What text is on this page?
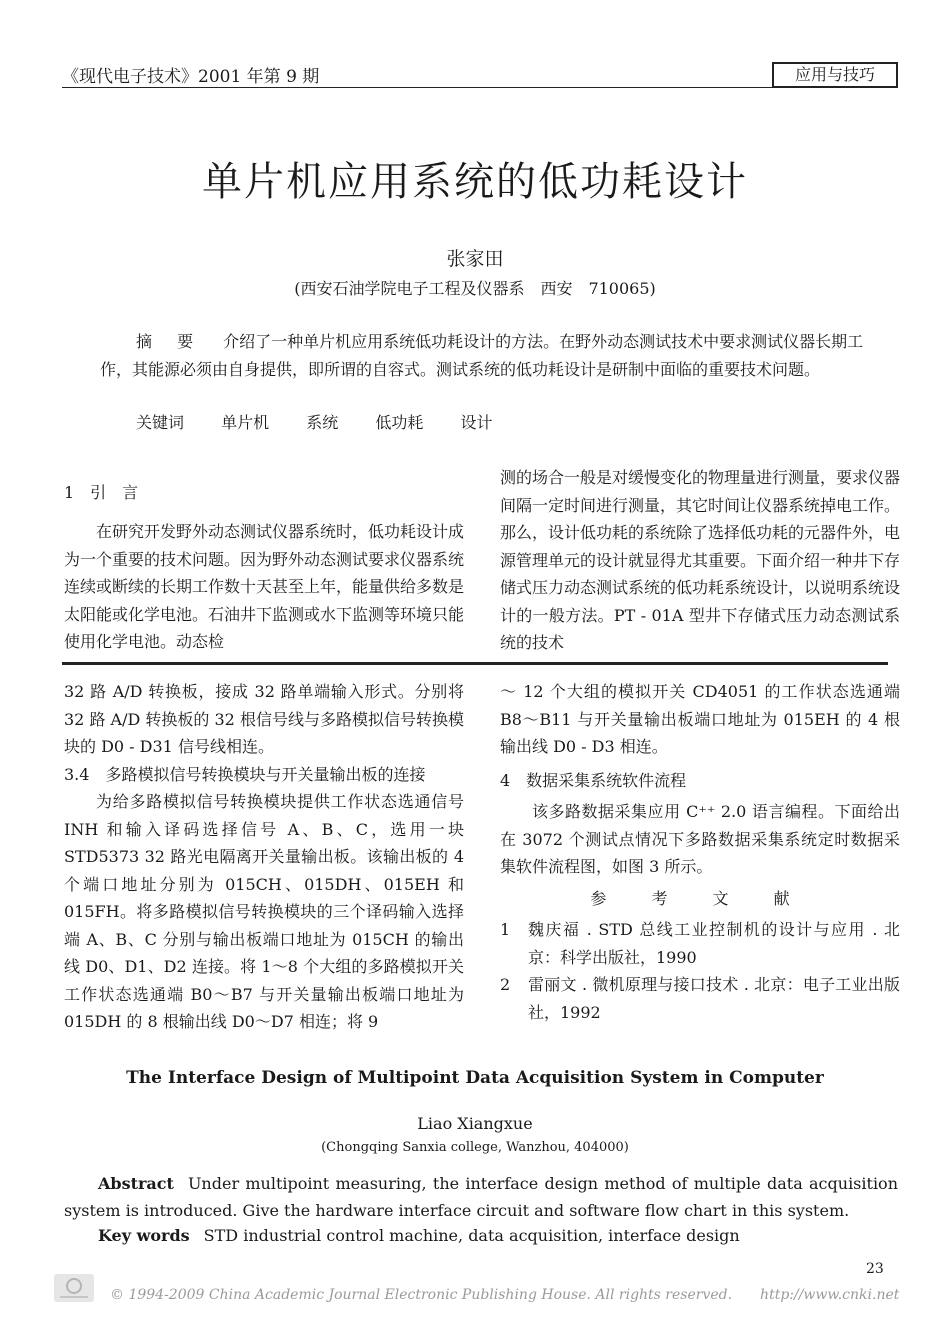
《现代电子技术》2001 年第 9 期	应用与技巧
单片机应用系统的低功耗设计
张家田
(西安石油学院电子工程及仪器系　西安　710065)
摘 要 介绍了一种单片机应用系统低功耗设计的方法。在野外动态测试技术中要求测试仪器长期工作，其能源必须由自身提供，即所谓的自容式。测试系统的低功耗设计是研制中面临的重要技术问题。
关键词 单片机 系统 低功耗 设计
1　引　言

在研究开发野外动态测试仪器系统时，低功耗设计成为一个重要的技术问题。因为野外动态测试要求仪器系统连续或断续的长期工作数十天甚至上年，能量供给多数是太阳能或化学电池。石油井下监测或水下监测等环境只能使用化学电池。动态检

测的场合一般是对缓慢变化的物理量进行测量，要求仪器间隔一定时间进行测量，其它时间让仪器系统掉电工作。那么，设计低功耗的系统除了选择低功耗的元器件外，电源管理单元的设计就显得尤其重要。下面介绍一种井下存储式压力动态测试系统的低功耗系统设计，以说明系统设计的一般方法。PT - 01A 型井下存储式压力动态测试系统的技术

32 路 A/D 转换板，接成 32 路单端输入形式。分别将 32 路 A/D 转换板的 32 根信号线与多路模拟信号转换模块的 D0 - D31 信号线相连。

3.4　多路模拟信号转换模块与开关量输出板的连接

为给多路模拟信号转换模块提供工作状态选通信号 INH 和输入译码选择信号 A、B、C，选用一块 STD5373 32 路光电隔离开关量输出板。该输出板的 4 个端口地址分别为 015CH、015DH、015EH 和 015FH。将多路模拟信号转换模块的三个译码输入选择端 A、B、C 分别与输出板端口地址为 015CH 的输出线 D0、D1、D2 连接。将 1～8 个大组的多路模拟开关工作状态选通端 B0～B7 与开关量输出板端口地址为 015DH 的 8 根输出线 D0～D7 相连；将 9

～ 12 个大组的模拟开关 CD4051 的工作状态选通端 B8～B11 与开关量输出板端口地址为 015EH 的 4 根输出线 D0 - D3 相连。

4　数据采集系统软件流程

该多路数据采集应用 C⁺⁺ 2.0 语言编程。下面给出在 3072 个测试点情况下多路数据采集系统定时数据采集软件流程图，如图 3 所示。

参 考 文 献

1 魏庆福 . STD 总线工业控制机的设计与应用 . 北京：科学出版社，1990

2 雷丽文 . 微机原理与接口技术 . 北京：电子工业出版社，1992

The Interface Design of Multipoint Data Acquisition System in Computer
Liao Xiangxue
(Chongqing Sanxia college, Wanzhou, 404000)
Abstract Under multipoint measuring, the interface design method of multiple data acquisition system is introduced. Give the hardware interface circuit and software flow chart in this system.
Key words STD industrial control machine, data acquisition, interface design
23
© 1994-2009 China Academic Journal Electronic Publishing House. All rights reserved.　　http://www.cnki.net
